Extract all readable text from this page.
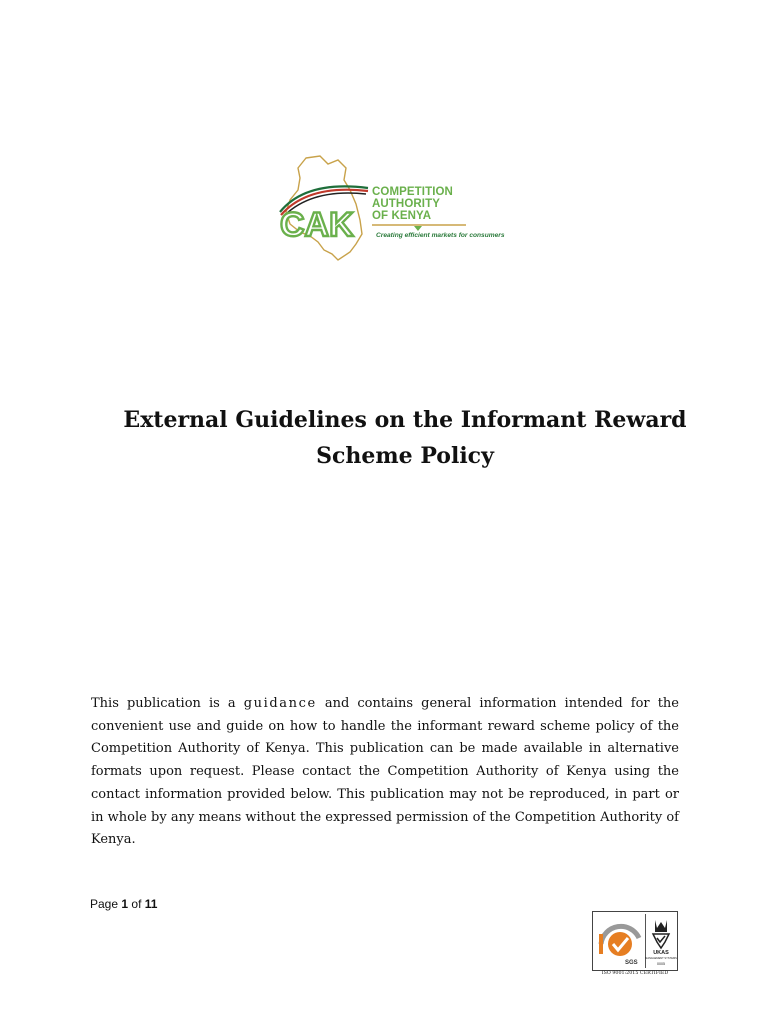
CAK
COMPETITION
AUTHORITY
OF KENYA
Creating efficient markets for consumers
External Guidelines on the Informant Reward
Scheme Policy

This publication is a guidance and contains general information intended for the convenient use and guide on how to handle the informant reward scheme policy of the Competition Authority of Kenya. This publication can be made available in alternative formats upon request. Please contact the Competition Authority of Kenya using the contact information provided below. This publication may not be reproduced, in part or in whole by any means without the expressed permission of the Competition Authority of Kenya.

Page 1 of 11
SGS
UKAS
MANAGEMENT SYSTEMS
0005
ISO 9001:2015 CERTIFIED
